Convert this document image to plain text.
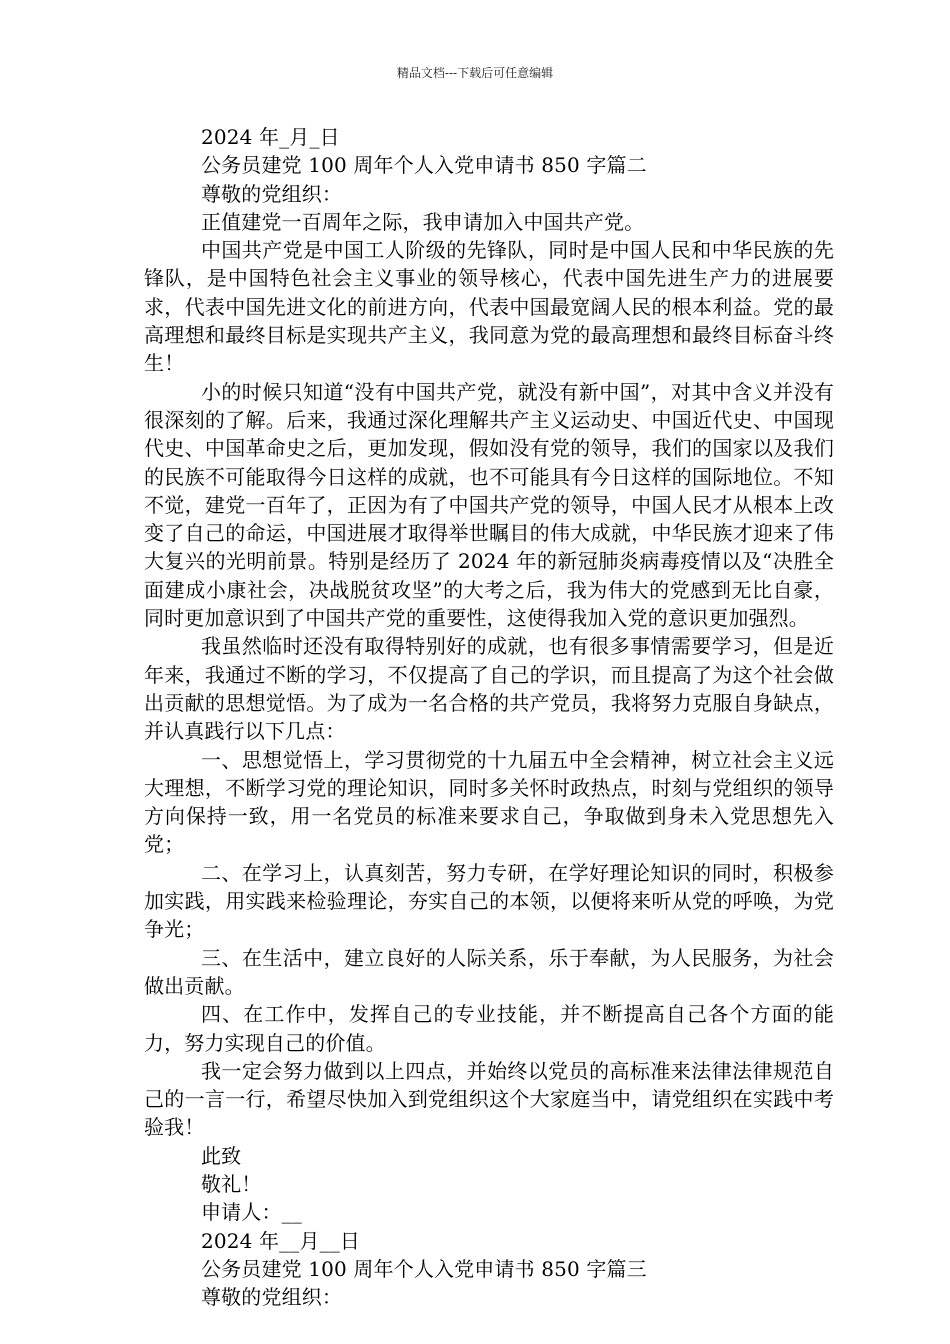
精品文档---下载后可任意编辑

2024 年_月_日

公务员建党 100 周年个人入党申请书 850 字篇二

尊敬的党组织：

正值建党一百周年之际，我申请加入中国共产党。

中国共产党是中国工人阶级的先锋队，同时是中国人民和中华民族的先锋队，是中国特色社会主义事业的领导核心，代表中国先进生产力的进展要求，代表中国先进文化的前进方向，代表中国最宽阔人民的根本利益。党的最高理想和最终目标是实现共产主义，我同意为党的最高理想和最终目标奋斗终生！

小的时候只知道“没有中国共产党，就没有新中国”，对其中含义并没有很深刻的了解。后来，我通过深化理解共产主义运动史、中国近代史、中国现代史、中国革命史之后，更加发现，假如没有党的领导，我们的国家以及我们的民族不可能取得今日这样的成就，也不可能具有今日这样的国际地位。不知不觉，建党一百年了，正因为有了中国共产党的领导，中国人民才从根本上改变了自己的命运，中国进展才取得举世瞩目的伟大成就，中华民族才迎来了伟大复兴的光明前景。特别是经历了 2024 年的新冠肺炎病毒疫情以及“决胜全面建成小康社会，决战脱贫攻坚”的大考之后，我为伟大的党感到无比自豪，同时更加意识到了中国共产党的重要性，这使得我加入党的意识更加强烈。

我虽然临时还没有取得特别好的成就，也有很多事情需要学习，但是近年来，我通过不断的学习，不仅提高了自己的学识，而且提高了为这个社会做出贡献的思想觉悟。为了成为一名合格的共产党员，我将努力克服自身缺点，并认真践行以下几点：

一、思想觉悟上，学习贯彻党的十九届五中全会精神，树立社会主义远大理想，不断学习党的理论知识，同时多关怀时政热点，时刻与党组织的领导方向保持一致，用一名党员的标准来要求自己，争取做到身未入党思想先入党；

二、在学习上，认真刻苦，努力专研，在学好理论知识的同时，积极参加实践，用实践来检验理论，夯实自己的本领，以便将来听从党的呼唤，为党争光；

三、在生活中，建立良好的人际关系，乐于奉献，为人民服务，为社会做出贡献。

四、在工作中，发挥自己的专业技能，并不断提高自己各个方面的能力，努力实现自己的价值。

我一定会努力做到以上四点，并始终以党员的高标准来法律法律规范自己的一言一行，希望尽快加入到党组织这个大家庭当中，请党组织在实践中考验我！

此致

敬礼！

申请人：__

2024 年__月__日

公务员建党 100 周年个人入党申请书 850 字篇三

尊敬的党组织：
